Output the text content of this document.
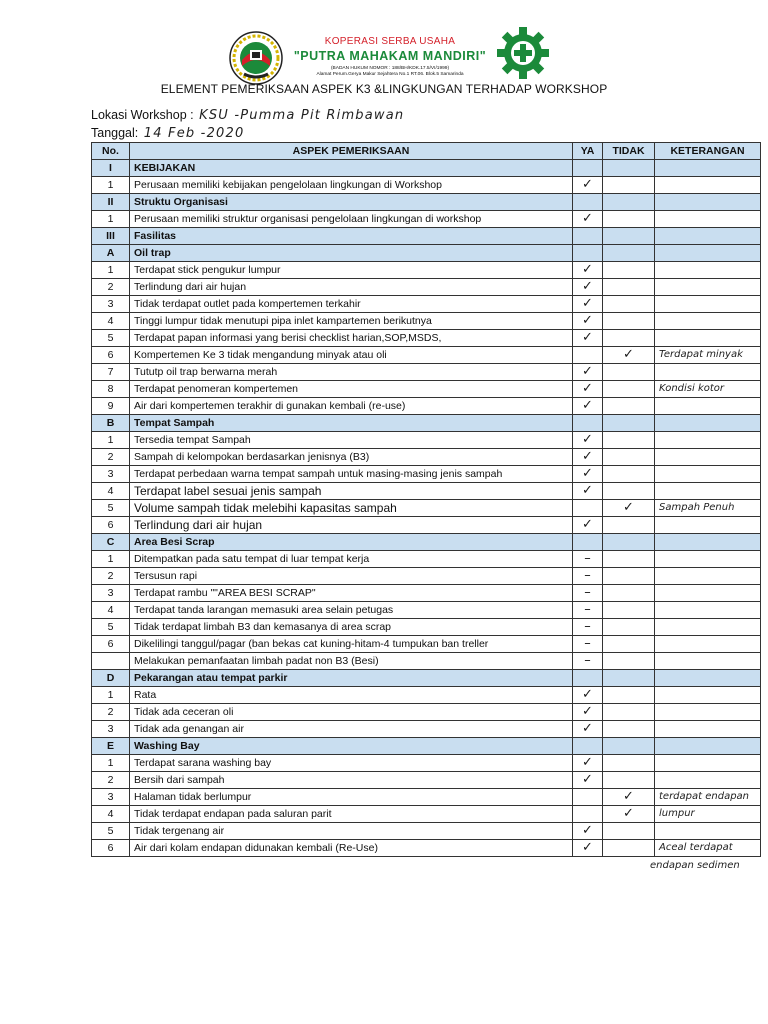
KOPERASI SERBA USAHA
"PUTRA MAHAKAM MANDIRI"
(BADAN HUKUM NOMOR : 188/BH/KDK.17.5/VI/1999)
Alamat Perum.Gerya Makur Sejahtera No.1 RT.06. Blok.5 Samarinda
ELEMENT PEMERIKSAAN ASPEK K3 &LINGKUNGAN TERHADAP WORKSHOP
Lokasi Workshop : KSU -Pumma Pit Rimbawan
Tanggal: 14 Feb -2020
No.	ASPEK PEMERIKSAAN	YA	TIDAK	KETERANGAN
I	KEBIJAKAN			
1	Perusaan memiliki kebijakan pengelolaan lingkungan di Workshop	✓		
II	Struktu Organisasi			
1	Perusaan memiliki struktur organisasi pengelolaan lingkungan di workshop	✓		
III	Fasilitas			
A	Oil trap			
1	Terdapat stick pengukur lumpur	✓		
2	Terlindung dari air hujan	✓		
3	Tidak terdapat outlet pada kompertemen terkahir	✓		
4	Tinggi lumpur tidak menutupi pipa inlet kampartemen berikutnya	✓		
5	Terdapat papan informasi yang berisi checklist harian,SOP,MSDS,	✓		
6	Kompertemen Ke 3 tidak mengandung minyak atau oli		✓	Terdapat minyak
7	Tututp oil trap berwarna merah	✓		
8	Terdapat penomeran kompertemen	✓		Kondisi kotor
9	Air dari kompertemen terakhir di gunakan kembali (re-use)	✓		
B	Tempat Sampah			
1	Tersedia tempat Sampah	✓		
2	Sampah di kelompokan berdasarkan jenisnya (B3)	✓		
3	Terdapat perbedaan warna tempat sampah untuk masing-masing jenis sampah	✓		
4	Terdapat label sesuai jenis sampah	✓		
5	Volume sampah tidak melebihi kapasitas sampah		✓	Sampah Penuh
6	Terlindung dari air hujan	✓		
C	Area Besi Scrap			
1	Ditempatkan pada satu tempat di luar tempat kerja	–		
2	Tersusun rapi	–		
3	Terdapat rambu ""AREA BESI SCRAP"	–		
4	Terdapat tanda larangan memasuki area selain petugas	–		
5	Tidak terdapat limbah B3 dan kemasanya di area scrap	–		
6	Dikelilingi tanggul/pagar (ban bekas cat kuning-hitam-4 tumpukan ban treller	–		
	Melakukan pemanfaatan limbah padat non B3 (Besi)	–		
D	Pekarangan atau tempat parkir			
1	Rata	✓		
2	Tidak ada ceceran oli	✓		
3	Tidak ada genangan air	✓		
E	Washing Bay			
1	Terdapat sarana washing bay	✓		
2	Bersih dari sampah	✓		
3	Halaman tidak berlumpur		✓	terdapat endapan
4	Tidak terdapat endapan pada saluran parit		✓	lumpur
5	Tidak tergenang air	✓		
6	Air dari kolam endapan didunakan kembali (Re-Use)	✓		Aceal terdapat
endapan sedimen
